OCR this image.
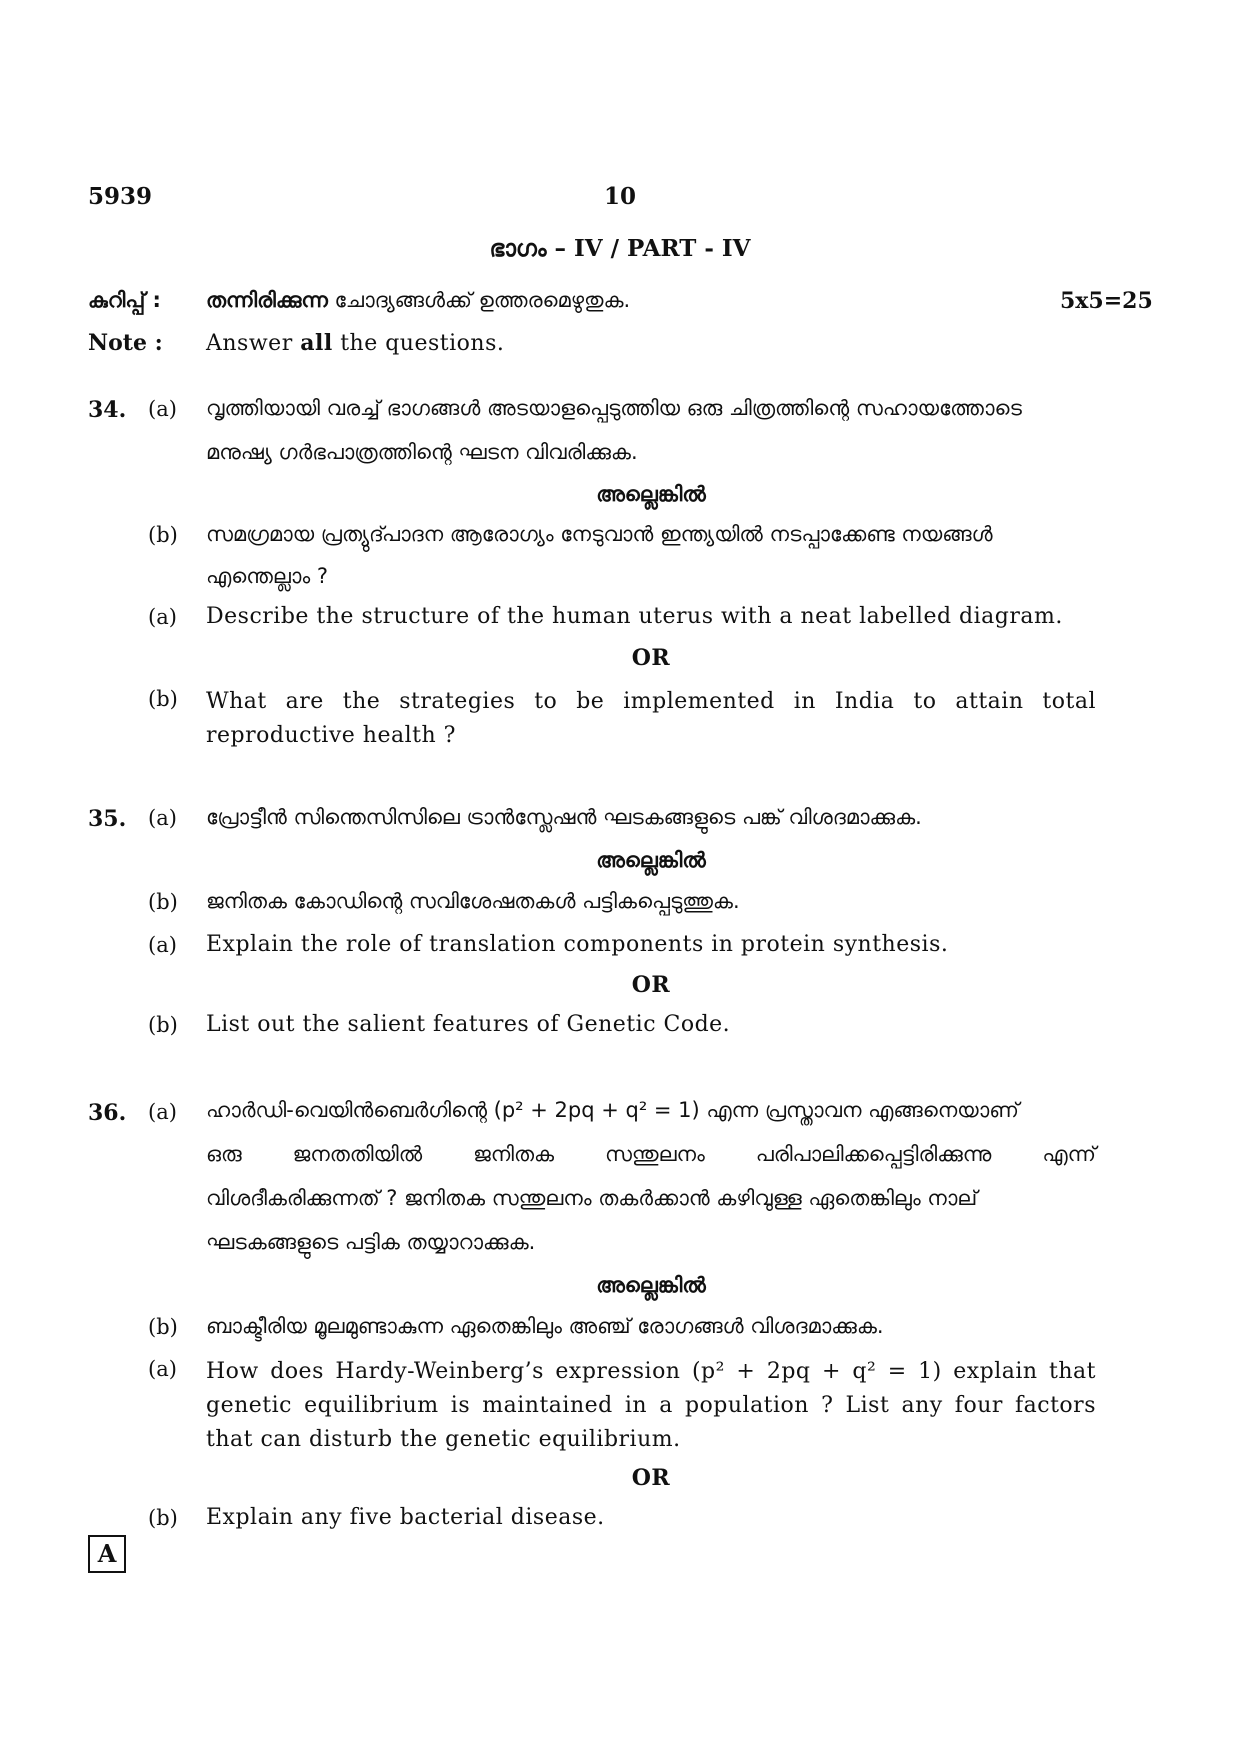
5939	10
ഭാഗം – IV / PART - IV
കുറിപ്പ് : തന്നിരിക്കുന്ന ചോദ്യങ്ങൾക്ക് ഉത്തരമെഴുതുക.	5x5=25
Note : Answer all the questions.
34. (a) വൃത്തിയായി വരച്ച് ഭാഗങ്ങൾ അടയാളപ്പെടുത്തിയ ഒരു ചിത്രത്തിന്റെ സഹായത്തോടെ
മനുഷ്യ ഗർഭപാത്രത്തിന്റെ ഘടന വിവരിക്കുക.
അല്ലെങ്കിൽ
(b) സമഗ്രമായ പ്രത്യുദ്പാദന ആരോഗ്യം നേടുവാൻ ഇന്ത്യയിൽ നടപ്പാക്കേണ്ട നയങ്ങൾ
എന്തെല്ലാം ?
(a) Describe the structure of the human uterus with a neat labelled diagram.
OR
(b) What are the strategies to be implemented in India to attain total reproductive health ?
35. (a) പ്രോട്ടീൻ സിന്തെസിസിലെ ട്രാൻസ്ലേഷൻ ഘടകങ്ങളുടെ പങ്ക് വിശദമാക്കുക.
അല്ലെങ്കിൽ
(b) ജനിതക കോഡിന്റെ സവിശേഷതകൾ പട്ടികപ്പെടുത്തുക.
(a) Explain the role of translation components in protein synthesis.
OR
(b) List out the salient features of Genetic Code.
36. (a) ഹാർഡി-വെയിൻബെർഗിന്റെ (p² + 2pq + q² = 1) എന്ന പ്രസ്താവന എങ്ങനെയാണ്
ഒരു ജനതതിയിൽ ജനിതക സന്തുലനം പരിപാലിക്കപ്പെട്ടിരിക്കുന്നു എന്ന്
വിശദീകരിക്കുന്നത് ? ജനിതക സന്തുലനം തകർക്കാൻ കഴിവുള്ള ഏതെങ്കിലും നാല്
ഘടകങ്ങളുടെ പട്ടിക തയ്യാറാക്കുക.
അല്ലെങ്കിൽ
(b) ബാക്ടീരിയ മൂലമുണ്ടാകുന്ന ഏതെങ്കിലും അഞ്ച് രോഗങ്ങൾ വിശദമാക്കുക.
(a) How does Hardy-Weinberg’s expression (p² + 2pq + q² = 1) explain that genetic equilibrium is maintained in a population ? List any four factors that can disturb the genetic equilibrium.
OR
(b) Explain any five bacterial disease.
A
